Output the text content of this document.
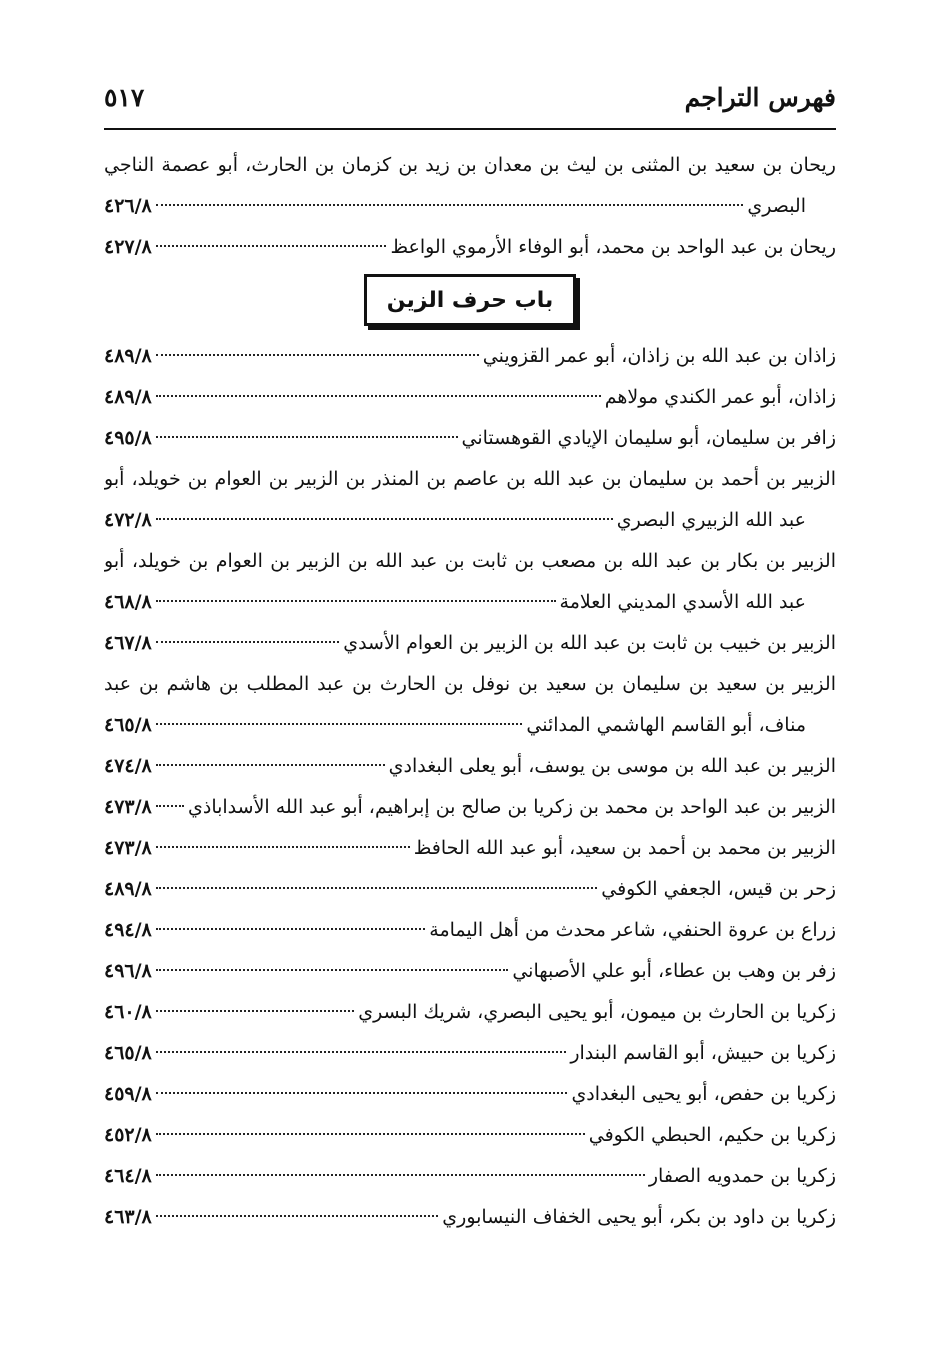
فهرس التراجم
٥١٧
ريحان بن سعيد بن المثنى بن ليث بن معدان بن زيد بن كزمان بن الحارث، أبو عصمة الناجي
البصري
٤٢٦/٨
ريحان بن عبد الواحد بن محمد، أبو الوفاء الأرموي الواعظ
٤٢٧/٨
باب حرف الزين
زاذان بن عبد الله بن زاذان، أبو عمر القزويني
٤٨٩/٨
زاذان، أبو عمر الكندي مولاهم
٤٨٩/٨
زافر بن سليمان، أبو سليمان الإيادي القوهستاني
٤٩٥/٨
الزبير بن أحمد بن سليمان بن عبد الله بن عاصم بن المنذر بن الزبير بن العوام بن خويلد، أبو
عبد الله الزبيري البصري
٤٧٢/٨
الزبير بن بكار بن عبد الله بن مصعب بن ثابت بن عبد الله بن الزبير بن العوام بن خويلد، أبو
عبد الله الأسدي المديني العلامة
٤٦٨/٨
الزبير بن خبيب بن ثابت بن عبد الله بن الزبير بن العوام الأسدي
٤٦٧/٨
الزبير بن سعيد بن سليمان بن سعيد بن نوفل بن الحارث بن عبد المطلب بن هاشم بن عبد
مناف، أبو القاسم الهاشمي المدائني
٤٦٥/٨
الزبير بن عبد الله بن موسى بن يوسف، أبو يعلى البغدادي
٤٧٤/٨
الزبير بن عبد الواحد بن محمد بن زكريا بن صالح بن إبراهيم، أبو عبد الله الأسداباذي
٤٧٣/٨
الزبير بن محمد بن أحمد بن سعيد، أبو عبد الله الحافظ
٤٧٣/٨
زحر بن قيس، الجعفي الكوفي
٤٨٩/٨
زراع بن عروة الحنفي، شاعر محدث من أهل اليمامة
٤٩٤/٨
زفر بن وهب بن عطاء، أبو علي الأصبهاني
٤٩٦/٨
زكريا بن الحارث بن ميمون، أبو يحيى البصري، شريك البسري
٤٦٠/٨
زكريا بن حبيش، أبو القاسم البندار
٤٦٥/٨
زكريا بن حفص، أبو يحيى البغدادي
٤٥٩/٨
زكريا بن حكيم، الحبطي الكوفي
٤٥٢/٨
زكريا بن حمدويه الصفار
٤٦٤/٨
زكريا بن داود بن بكر، أبو يحيى الخفاف النيسابوري
٤٦٣/٨
